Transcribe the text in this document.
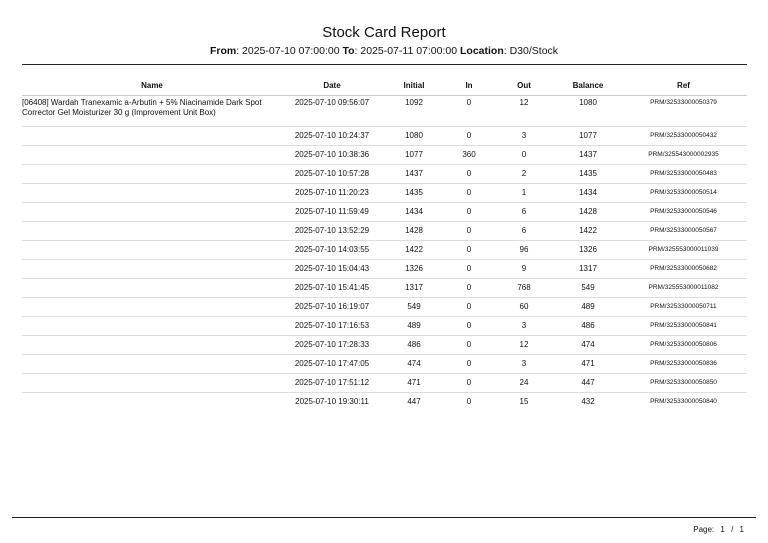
Stock Card Report
From: 2025-07-10 07:00:00 To: 2025-07-11 07:00:00 Location: D30/Stock
Name	Date	Initial	In	Out	Balance	Ref
[06408] Wardah Tranexamic a-Arbutin + 5% Niacinamide Dark Spot Corrector Gel Moisturizer 30 g (Improvement Unit Box)	2025-07-10 09:56:07	1092	0	12	1080	PRM/32533000050379
	2025-07-10 10:24:37	1080	0	3	1077	PRM/32533000050432
	2025-07-10 10:38:36	1077	360	0	1437	PRM/325543000002935
	2025-07-10 10:57:28	1437	0	2	1435	PRM/32533000050483
	2025-07-10 11:20:23	1435	0	1	1434	PRM/32533000050514
	2025-07-10 11:59:49	1434	0	6	1428	PRM/32533000050546
	2025-07-10 13:52:29	1428	0	6	1422	PRM/32533000050567
	2025-07-10 14:03:55	1422	0	96	1326	PRM/325553000011039
	2025-07-10 15:04:43	1326	0	9	1317	PRM/32533000050682
	2025-07-10 15:41:45	1317	0	768	549	PRM/325553000011082
	2025-07-10 16:19:07	549	0	60	489	PRM/32533000050711
	2025-07-10 17:16:53	489	0	3	486	PRM/32533000050841
	2025-07-10 17:28:33	486	0	12	474	PRM/32533000050806
	2025-07-10 17:47:05	474	0	3	471	PRM/32533000050836
	2025-07-10 17:51:12	471	0	24	447	PRM/32533000050850
	2025-07-10 19:30:11	447	0	15	432	PRM/32533000050840
Page: 1 / 1
